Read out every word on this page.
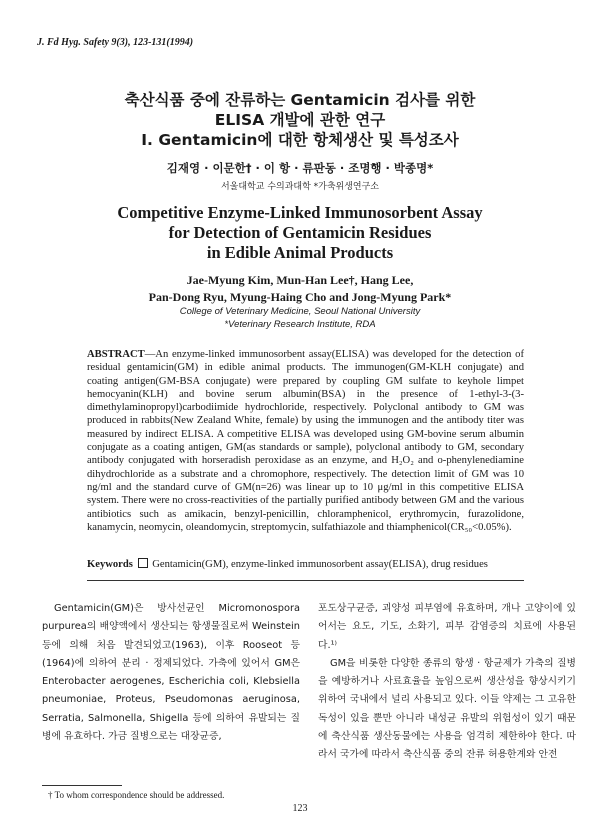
J. Fd Hyg. Safety 9(3), 123-131(1994)
축산식품 중에 잔류하는 Gentamicin 검사를 위한
ELISA 개발에 관한 연구
I. Gentamicin에 대한 항체생산 및 특성조사
김재영 · 이문한† · 이 항 · 류판동 · 조명행 · 박종명*
서울대학교 수의과대학 *가축위생연구소
Competitive Enzyme-Linked Immunosorbent Assay
for Detection of Gentamicin Residues
in Edible Animal Products
Jae-Myung Kim, Mun-Han Lee†, Hang Lee,
Pan-Dong Ryu, Myung-Haing Cho and Jong-Myung Park*
College of Veterinary Medicine, Seoul National University
*Veterinary Research Institute, RDA
ABSTRACT—An enzyme-linked immunosorbent assay(ELISA) was developed for the detection of residual gentamicin(GM) in edible animal products. The immunogen(GM-KLH conjugate) and coating antigen(GM-BSA conjugate) were prepared by coupling GM sulfate to keyhole limpet hemocyanin(KLH) and bovine serum albumin(BSA) in the presence of 1-ethyl-3-(3-dimethylaminopropyl)carbodiimide hydrochloride, respectively. Polyclonal antibody to GM was produced in rabbits(New Zealand White, female) by using the immunogen and the antibody titer was measured by indirect ELISA. A competitive ELISA was developed using GM-bovine serum albumin conjugate as a coating antigen, GM(as standards or sample), polyclonal antibody to GM, secondary antibody conjugated with horseradish peroxidase as an enzyme, and H₂O₂ and o-phenylenediamine dihydrochloride as a substrate and a chromophore, respectively. The detection limit of GM was 10 ng/ml and the standard curve of GM(n=26) was linear up to 10 μg/ml in this competitive ELISA system. There were no cross-reactivities of the partially purified antibody between GM and the various antibiotics such as amikacin, benzyl-penicillin, chloramphenicol, erythromycin, furazolidone, kanamycin, neomycin, oleandomycin, streptomycin, sulfathiazole and thiamphenicol(CR₅₀<0.05%).
Keywords Gentamicin(GM), enzyme-linked immunosorbent assay(ELISA), drug residues

Gentamicin(GM)은 방사선균인 Micromonospora purpurea의 배양액에서 생산되는 항생물질로써 Weinstein 등에 의해 처음 발견되었고(1963), 이후 Rooseot 등(1964)에 의하여 분리 · 정제되었다. 가축에 있어서 GM은 Enterobacter aerogenes, Escherichia coli, Klebsiella pneumoniae, Proteus, Pseudomonas aeruginosa, Serratia, Salmonella, Shigella 등에 의하여 유발되는 질병에 유효하다. 가금 질병으로는 대장균증,

포도상구균증, 괴양성 피부염에 유효하며, 개나 고양이에 있어서는 요도, 기도, 소화기, 피부 감염증의 치료에 사용된다.¹⁾

GM을 비롯한 다양한 종류의 항생 · 항균제가 가축의 질병을 예방하거나 사료효율을 높임으로써 생산성을 향상시키기 위하여 국내에서 널리 사용되고 있다. 이들 약제는 그 고유한 독성이 있을 뿐만 아니라 내성균 유발의 위험성이 있기 때문에 축산식품 생산동물에는 사용을 엄격히 제한하야 한다. 따라서 국가에 따라서 축산식품 중의 잔류 허용한계와 안전

† To whom correspondence should be addressed.
123
